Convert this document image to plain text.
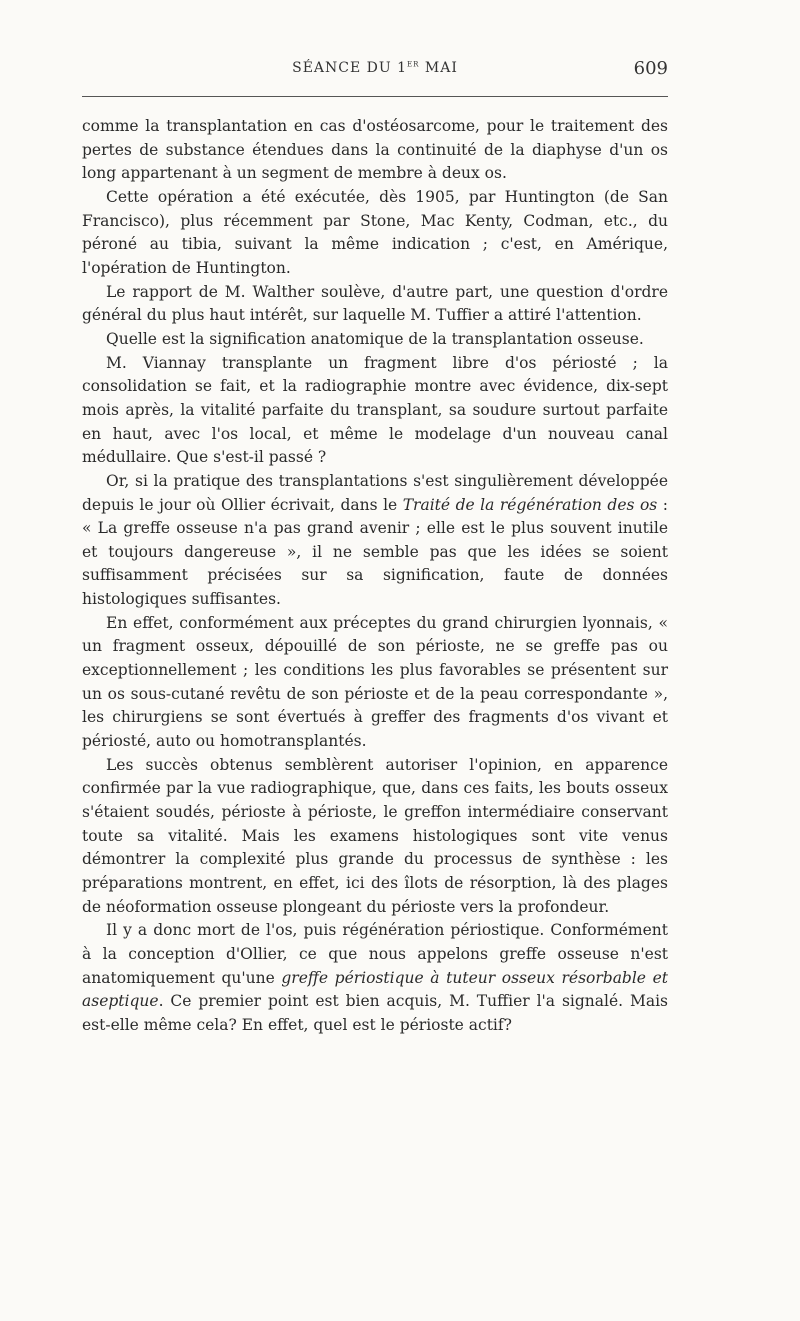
SÉANCE DU 1er MAI	609

comme la transplantation en cas d'ostéosarcome, pour le traitement des pertes de substance étendues dans la continuité de la diaphyse d'un os long appartenant à un segment de membre à deux os.

Cette opération a été exécutée, dès 1905, par Huntington (de San Francisco), plus récemment par Stone, Mac Kenty, Codman, etc., du péroné au tibia, suivant la même indication ; c'est, en Amérique, l'opération de Huntington.

Le rapport de M. Walther soulève, d'autre part, une question d'ordre général du plus haut intérêt, sur laquelle M. Tuffier a attiré l'attention.

Quelle est la signification anatomique de la transplantation osseuse.

M. Viannay transplante un fragment libre d'os périosté ; la consolidation se fait, et la radiographie montre avec évidence, dix-sept mois après, la vitalité parfaite du transplant, sa soudure surtout parfaite en haut, avec l'os local, et même le modelage d'un nouveau canal médullaire. Que s'est-il passé ?

Or, si la pratique des transplantations s'est singulièrement développée depuis le jour où Ollier écrivait, dans le Traité de la régénération des os : « La greffe osseuse n'a pas grand avenir ; elle est le plus souvent inutile et toujours dangereuse », il ne semble pas que les idées se soient suffisamment précisées sur sa signification, faute de données histologiques suffisantes.

En effet, conformément aux préceptes du grand chirurgien lyonnais, « un fragment osseux, dépouillé de son périoste, ne se greffe pas ou exceptionnellement ; les conditions les plus favorables se présentent sur un os sous-cutané revêtu de son périoste et de la peau correspondante », les chirurgiens se sont évertués à greffer des fragments d'os vivant et périosté, auto ou homotransplantés.

Les succès obtenus semblèrent autoriser l'opinion, en apparence confirmée par la vue radiographique, que, dans ces faits, les bouts osseux s'étaient soudés, périoste à périoste, le greffon intermédiaire conservant toute sa vitalité. Mais les examens histologiques sont vite venus démontrer la complexité plus grande du processus de synthèse : les préparations montrent, en effet, ici des îlots de résorption, là des plages de néoformation osseuse plongeant du périoste vers la profondeur.

Il y a donc mort de l'os, puis régénération périostique. Conformément à la conception d'Ollier, ce que nous appelons greffe osseuse n'est anatomiquement qu'une greffe périostique à tuteur osseux résorbable et aseptique. Ce premier point est bien acquis, M. Tuffier l'a signalé. Mais est-elle même cela? En effet, quel est le périoste actif?
